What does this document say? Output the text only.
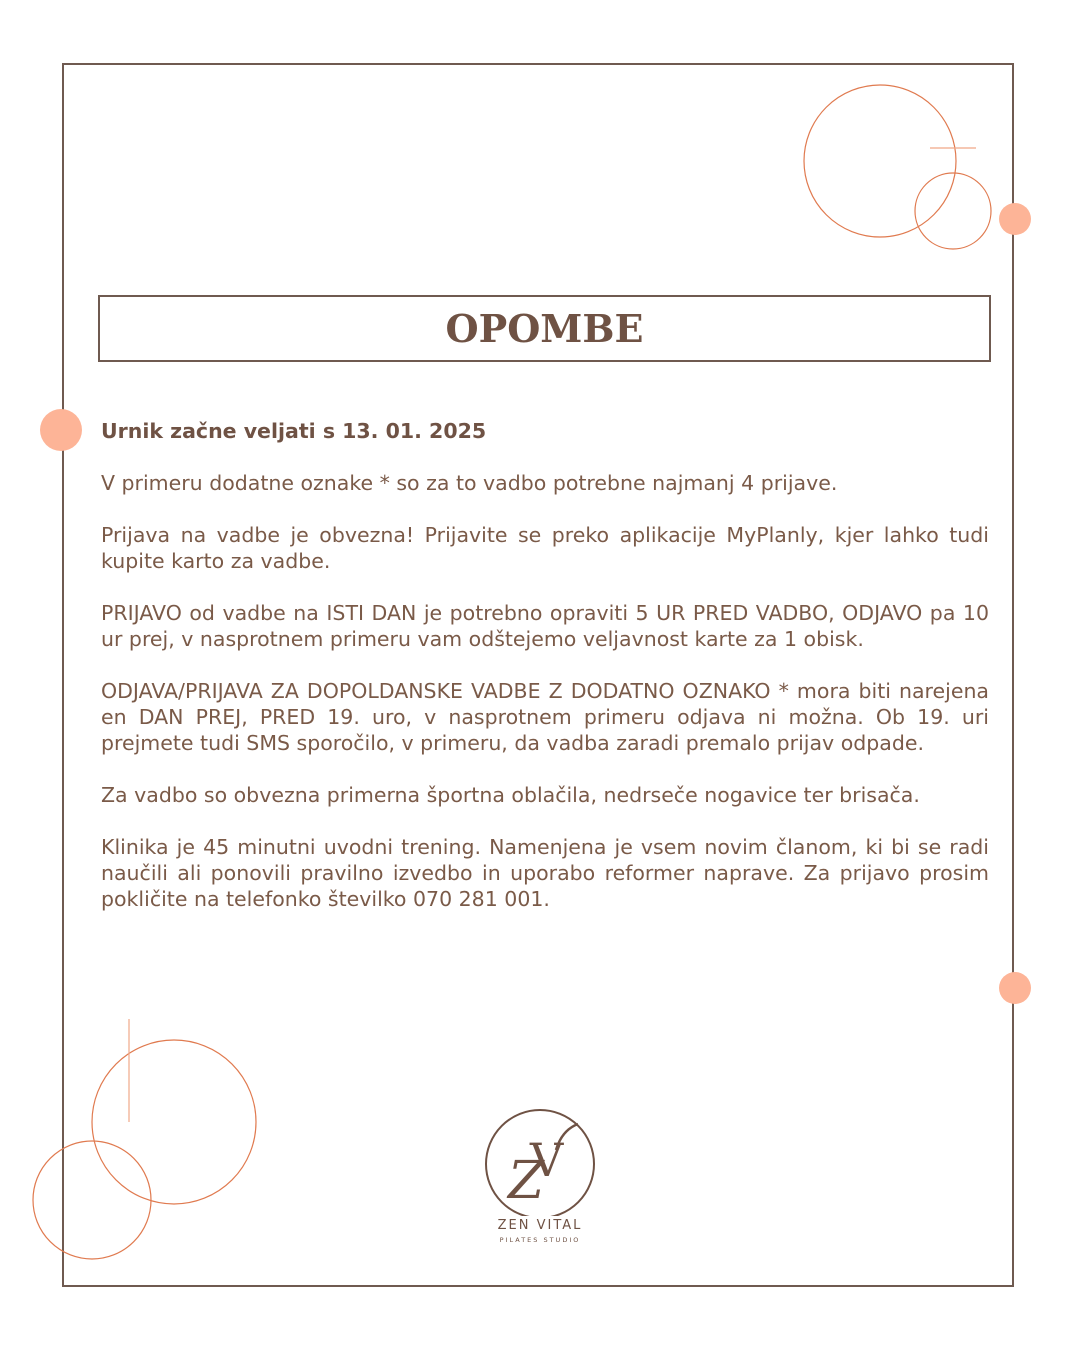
OPOMBE

Urnik začne veljati s 13. 01. 2025

V primeru dodatne oznake * so za to vadbo potrebne najmanj 4 prijave.

Prijava na vadbe je obvezna! Prijavite se preko aplikacije MyPlanly, kjer lahko tudi kupite karto za vadbe.

PRIJAVO od vadbe na ISTI DAN je potrebno opraviti 5 UR PRED VADBO, ODJAVO pa 10 ur prej, v nasprotnem primeru vam odštejemo veljavnost karte za 1 obisk.

ODJAVA/PRIJAVA ZA DOPOLDANSKE VADBE Z DODATNO OZNAKO * mora biti narejena en DAN PREJ, PRED 19. uro, v nasprotnem primeru odjava ni možna. Ob 19. uri prejmete tudi SMS sporočilo, v primeru, da vadba zaradi premalo prijav odpade.

Za vadbo so obvezna primerna športna oblačila, nedrseče nogavice ter brisača.

Klinika je 45 minutni uvodni trening. Namenjena je vsem novim članom, ki bi se radi naučili ali ponovili pravilno izvedbo in uporabo reformer naprave. Za prijavo prosim pokličite na telefonko številko 070 281 001.

Z
V
ZEN VITAL
PILATES STUDIO
